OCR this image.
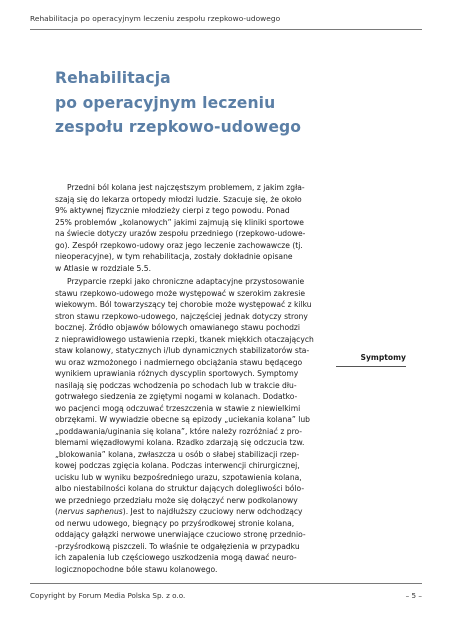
Rehabilitacja po operacyjnym leczeniu zespołu rzepkowo-udowego
Rehabilitacja
po operacyjnym leczeniu
zespołu rzepkowo-udowego
Przedni ból kolana jest najczęstszym problemem, z jakim zgła-
szają się do lekarza ortopedy młodzi ludzie. Szacuje się, że około
9% aktywnej fizycznie młodzieży cierpi z tego powodu. Ponad
25% problemów „kolanowych” jakimi zajmują się kliniki sportowe
na świecie dotyczy urazów zespołu przedniego (rzepkowo-udowe-
go). Zespół rzepkowo-udowy oraz jego leczenie zachowawcze (tj.
nieoperacyjne), w tym rehabilitacja, zostały dokładnie opisane
w Atlasie w rozdziale 5.5.
Przyparcie rzepki jako chroniczne adaptacyjne przystosowanie
stawu rzepkowo-udowego może występować w szerokim zakresie
wiekowym. Ból towarzyszący tej chorobie może występować z kilku
stron stawu rzepkowo-udowego, najczęściej jednak dotyczy strony
bocznej. Źródło objawów bólowych omawianego stawu pochodzi
z nieprawidłowego ustawienia rzepki, tkanek miękkich otaczających
staw kolanowy, statycznych i/lub dynamicznych stabilizatorów sta-
wu oraz wzmożonego i nadmiernego obciążania stawu będącego
wynikiem uprawiania różnych dyscyplin sportowych. Symptomy
nasilają się podczas wchodzenia po schodach lub w trakcie dłu-
gotrwałego siedzenia ze zgiętymi nogami w kolanach. Dodatko-
wo pacjenci mogą odczuwać trzeszczenia w stawie z niewielkimi
obrzękami. W wywiadzie obecne są epizody „uciekania kolana” lub
„poddawania/uginania się kolana”, które należy rozróżniać z pro-
blemami więzadłowymi kolana. Rzadko zdarzają się odczucia tzw.
„blokowania” kolana, zwłaszcza u osób o słabej stabilizacji rzep-
kowej podczas zgięcia kolana. Podczas interwencji chirurgicznej,
ucisku lub w wyniku bezpośredniego urazu, szpotawienia kolana,
albo niestabilności kolana do struktur dających dolegliwości bólo-
we przedniego przedziału może się dołączyć nerw podkolanowy
(nervus saphenus). Jest to najdłuższy czuciowy nerw odchodzący
od nerwu udowego, biegnący po przyśrodkowej stronie kolana,
oddający gałązki nerwowe unerwiające czuciowo stronę przednio-
-przyśrodkową piszczeli. To właśnie te odgałęzienia w przypadku
ich zapalenia lub częściowego uszkodzenia mogą dawać neuro-
logicznopochodne bóle stawu kolanowego.
Symptomy
Copyright by Forum Media Polska Sp. z o.o.	– 5 –
